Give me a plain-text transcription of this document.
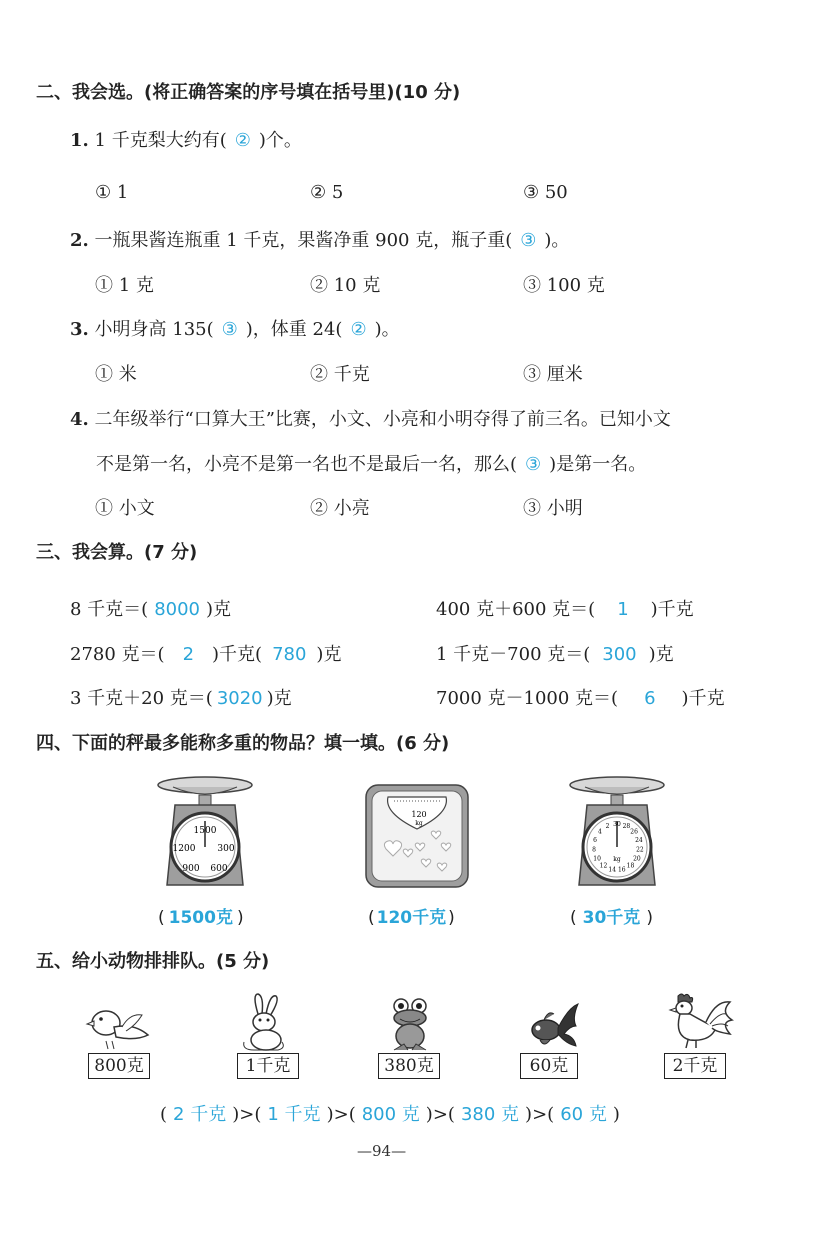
二、我会选。(将正确答案的序号填在括号里)(10 分)
1. 1 千克梨大约有( ② )个。
① 1	② 5	③ 50
2. 一瓶果酱连瓶重 1 千克，果酱净重 900 克，瓶子重( ③ )。
① 1 克	② 10 克	③ 100 克
3. 小明身高 135( ③ )，体重 24( ② )。
① 米	② 千克	③ 厘米
4. 二年级举行“口算大王”比赛，小文、小亮和小明夺得了前三名。已知小文
不是第一名，小亮不是第一名也不是最后一名，那么( ③ )是第一名。
① 小文	② 小亮	③ 小明
三、我会算。(7 分)
8 千克＝( 8000 )克	400 克＋600 克＝( 1 )千克
2780 克＝( 2 )千克( 780 )克	1 千克－700 克＝( 300 )克
3 千克＋20 克＝( 3020 )克	7000 克－1000 克＝( 6 )千克
四、下面的秤最多能称多重的物品？填一填。(6 分)
1500
1200 300
900 600
( 1500克 )
120
kg
( 120千克 )
30 28
26
24
22
20
18
16
14
12
10
8
6
4
2
kg
( 30千克 )
五、给小动物排排队。(5 分)
800克	1千克	380克	60克	2千克
( 2 千克 )>( 1 千克 )>( 800 克 )>( 380 克 )>( 60 克 )
—94—
